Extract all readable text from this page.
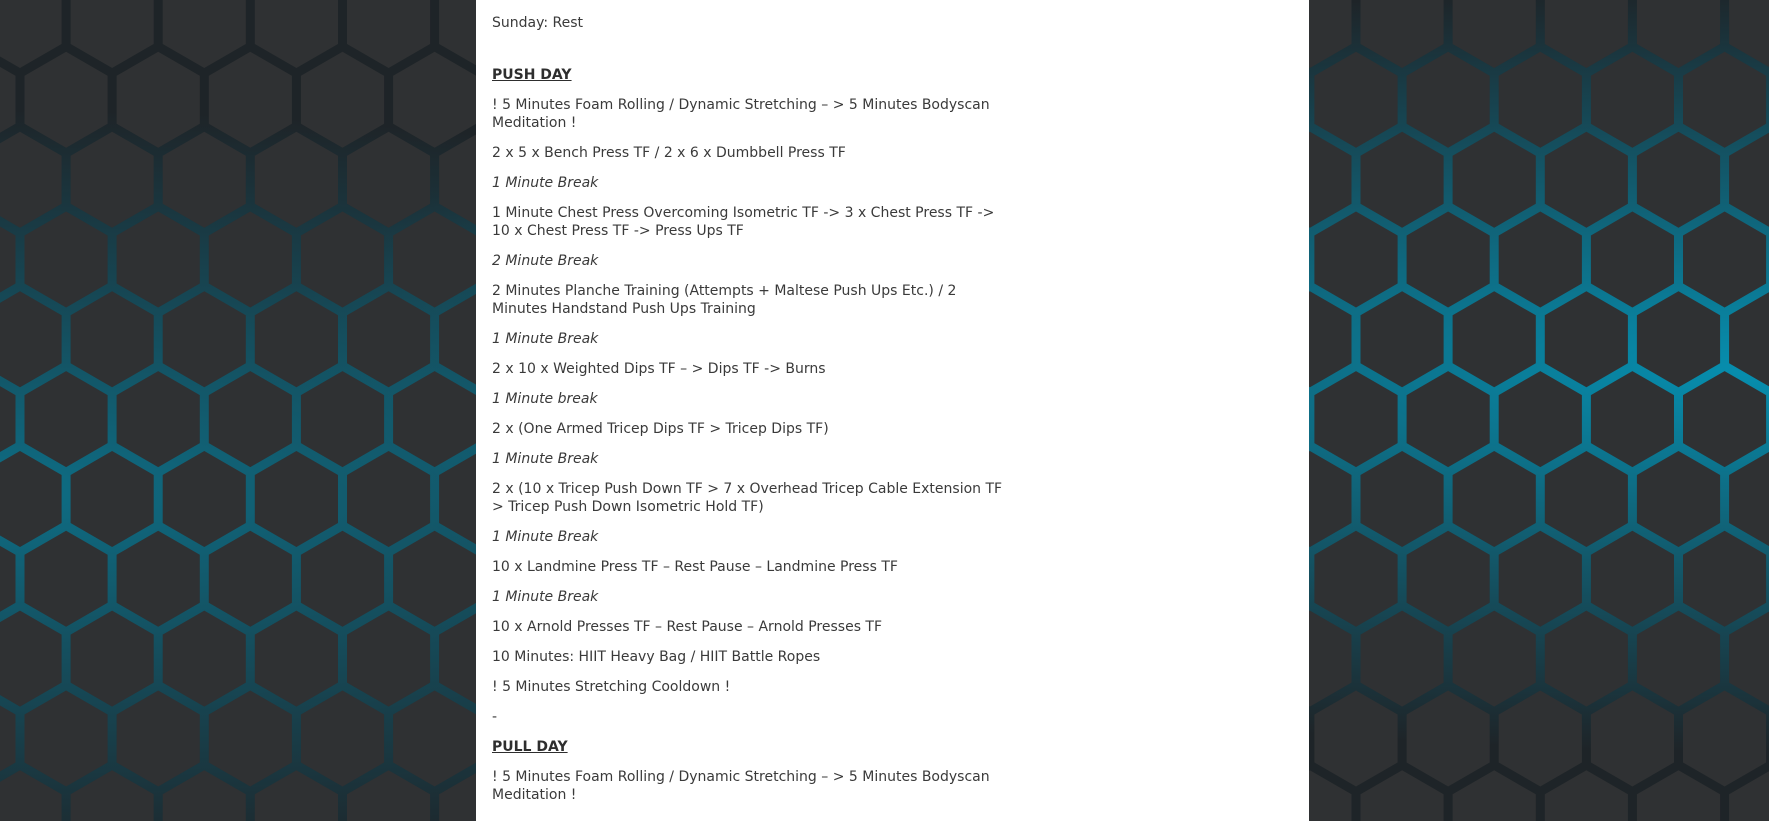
Sunday: Rest

PUSH DAY

! 5 Minutes Foam Rolling / Dynamic Stretching – > 5 Minutes Bodyscan Meditation !

2 x 5 x Bench Press TF / 2 x 6 x Dumbbell Press TF

1 Minute Break

1 Minute Chest Press Overcoming Isometric TF -> 3 x Chest Press TF -> 10 x Chest Press TF -> Press Ups TF

2 Minute Break

2 Minutes Planche Training (Attempts + Maltese Push Ups Etc.) / 2 Minutes Handstand Push Ups Training

1 Minute Break

2 x 10 x Weighted Dips TF – > Dips TF -> Burns

1 Minute break

2 x (One Armed Tricep Dips TF > Tricep Dips TF)

1 Minute Break

2 x (10 x Tricep Push Down TF > 7 x Overhead Tricep Cable Extension TF > Tricep Push Down Isometric Hold TF)

1 Minute Break

10 x Landmine Press TF – Rest Pause – Landmine Press TF

1 Minute Break

10 x Arnold Presses TF – Rest Pause – Arnold Presses TF

10 Minutes: HIIT Heavy Bag / HIIT Battle Ropes

! 5 Minutes Stretching Cooldown !

-

PULL DAY

! 5 Minutes Foam Rolling / Dynamic Stretching – > 5 Minutes Bodyscan Meditation !
